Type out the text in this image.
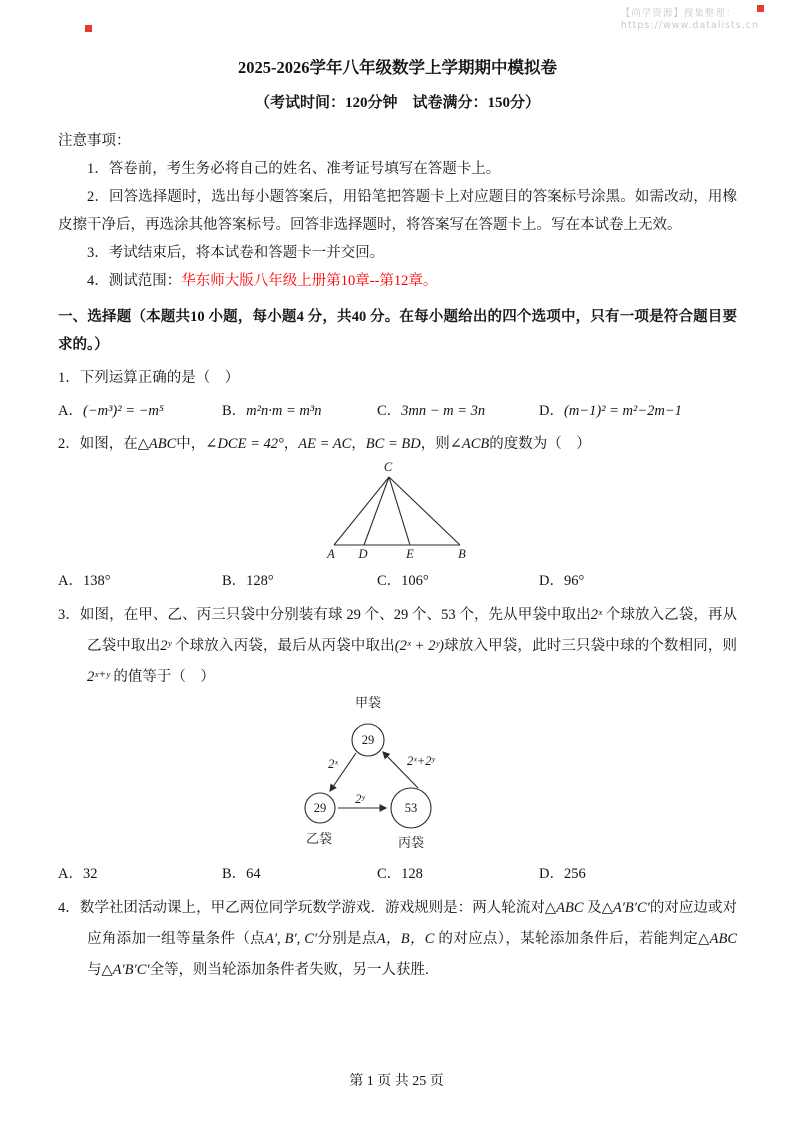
【尚学资源】搜集整理：
https://www.datalists.cn
2025-2026学年八年级数学上学期期中模拟卷
（考试时间：120分钟　试卷满分：150分）
注意事项：
1．答卷前，考生务必将自己的姓名、准考证号填写在答题卡上。
2．回答选择题时，选出每小题答案后，用铅笔把答题卡上对应题目的答案标号涂黑。如需改动，用橡皮擦干净后，再选涂其他答案标号。回答非选择题时，将答案写在答题卡上。写在本试卷上无效。
3．考试结束后，将本试卷和答题卡一并交回。
4．测试范围：华东师大版八年级上册第10章--第12章。
一、选择题（本题共10 小题，每小题4 分，共40 分。在每小题给出的四个选项中，只有一项是符合题目要求的。）
1．下列运算正确的是（　）
A．(−m³)² = −m⁵	B．m²n·m = m³n	C．3mn − m = 3n	D．(m−1)² = m²−2m−1
2．如图，在△ABC中，∠DCE = 42°，AE = AC，BC = BD，则∠ACB的度数为（　）
C
A D	E	B
A．138°	B．128°	C．106°	D．96°
3．如图，在甲、乙、丙三只袋中分别装有球 29 个、29 个、53 个，先从甲袋中取出2ˣ 个球放入乙袋，再从乙袋中取出2ʸ 个球放入丙袋，最后从丙袋中取出(2ˣ + 2ʸ)球放入甲袋，此时三只袋中球的个数相同，则2ˣ⁺ʸ 的值等于（　）
甲袋
29
2ˣ
29
乙袋
2ʸ
53
丙袋
2ˣ+2ʸ
A．32	B．64	C．128	D．256
4．数学社团活动课上，甲乙两位同学玩数学游戏．游戏规则是：两人轮流对△ABC 及△A′B′C′的对应边或对应角添加一组等量条件（点A′, B′, C′分别是点A，B，C 的对应点），某轮添加条件后，若能判定△ABC 与△A′B′C′全等，则当轮添加条件者失败，另一人获胜.
第 1 页 共 25 页
